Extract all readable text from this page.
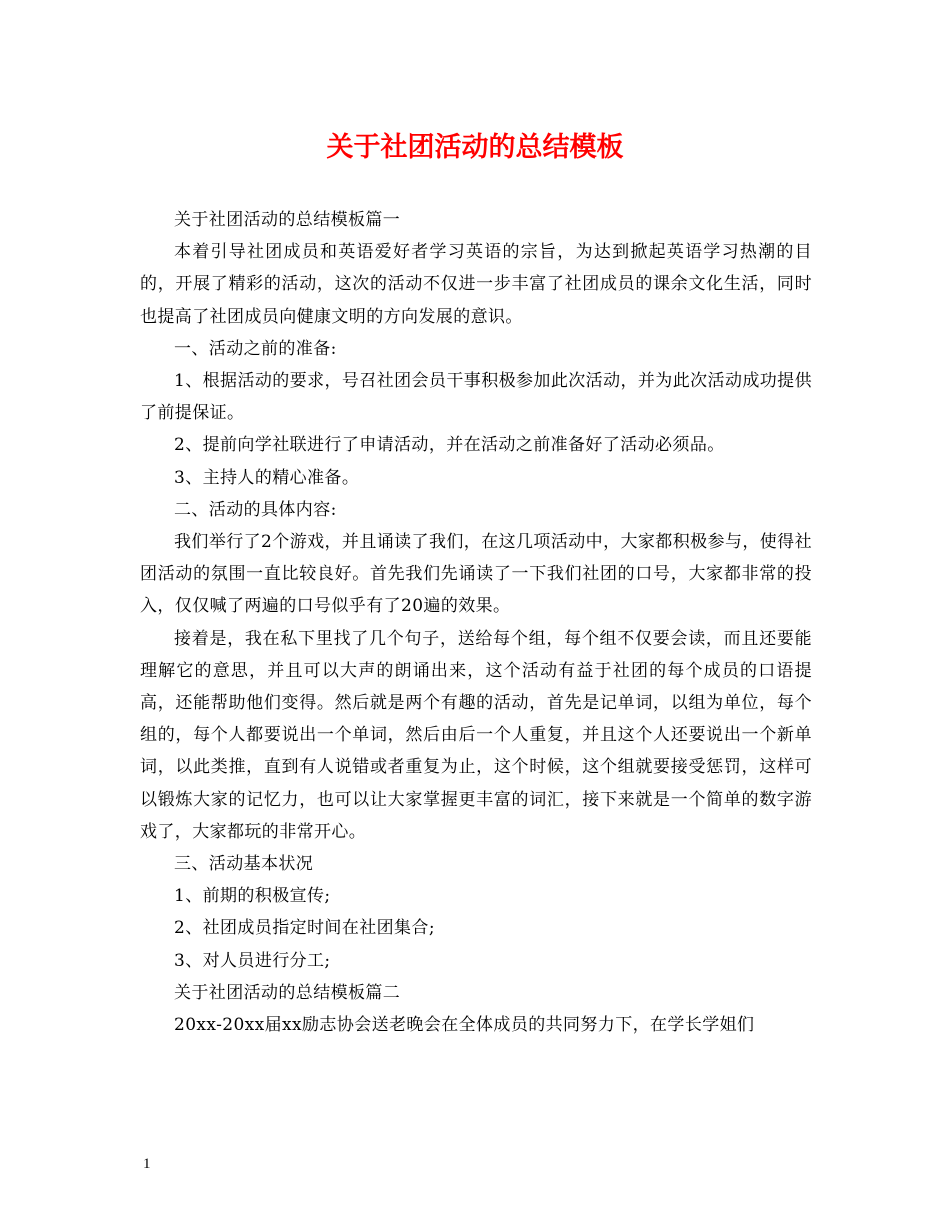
关于社团活动的总结模板

关于社团活动的总结模板篇一

本着引导社团成员和英语爱好者学习英语的宗旨，为达到掀起英语学习热潮的目的，开展了精彩的活动，这次的活动不仅进一步丰富了社团成员的课余文化生活，同时也提高了社团成员向健康文明的方向发展的意识。

一、活动之前的准备:

1、根据活动的要求，号召社团会员干事积极参加此次活动，并为此次活动成功提供了前提保证。

2、提前向学社联进行了申请活动，并在活动之前准备好了活动必须品。

3、主持人的精心准备。

二、活动的具体内容:

我们举行了2个游戏，并且诵读了我们，在这几项活动中，大家都积极参与，使得社团活动的氛围一直比较良好。首先我们先诵读了一下我们社团的口号，大家都非常的投入，仅仅喊了两遍的口号似乎有了20遍的效果。

接着是，我在私下里找了几个句子，送给每个组，每个组不仅要会读，而且还要能理解它的意思，并且可以大声的朗诵出来，这个活动有益于社团的每个成员的口语提高，还能帮助他们变得。然后就是两个有趣的活动，首先是记单词，以组为单位，每个组的，每个人都要说出一个单词，然后由后一个人重复，并且这个人还要说出一个新单词，以此类推，直到有人说错或者重复为止，这个时候，这个组就要接受惩罚，这样可以锻炼大家的记忆力，也可以让大家掌握更丰富的词汇，接下来就是一个简单的数字游戏了，大家都玩的非常开心。

三、活动基本状况

1、前期的积极宣传;

2、社团成员指定时间在社团集合;

3、对人员进行分工;

关于社团活动的总结模板篇二

20xx-20xx届xx励志协会送老晚会在全体成员的共同努力下，在学长学姐们

1
